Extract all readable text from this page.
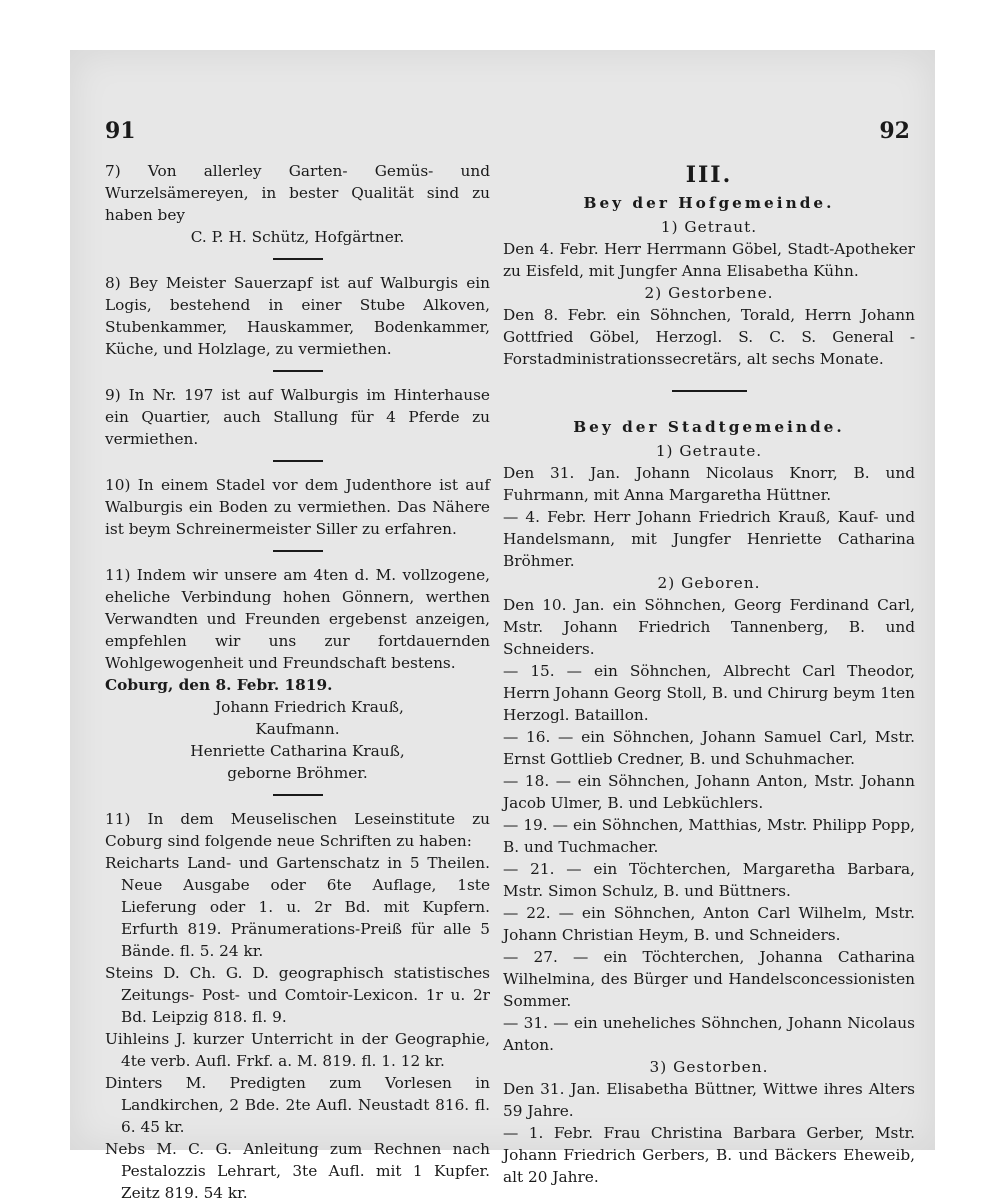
91	92

7) Von allerley Garten- Gemüs- und Wurzelsämereyen, in bester Qualität sind zu haben bey

C. P. H. Schütz, Hofgärtner.

8) Bey Meister Sauerzapf ist auf Walburgis ein Logis, bestehend in einer Stube Alkoven, Stubenkammer, Hauskammer, Bodenkammer, Küche, und Holzlage, zu vermiethen.

9) In Nr. 197 ist auf Walburgis im Hinterhause ein Quartier, auch Stallung für 4 Pferde zu vermiethen.

10) In einem Stadel vor dem Judenthore ist auf Walburgis ein Boden zu vermiethen. Das Nähere ist beym Schreinermeister Siller zu erfahren.

11) Indem wir unsere am 4ten d. M. vollzogene, eheliche Verbindung hohen Gönnern, werthen Verwandten und Freunden ergebenst anzeigen, empfehlen wir uns zur fortdauernden Wohlgewogenheit und Freundschaft bestens.

Coburg, den 8. Febr. 1819.

Johann Friedrich Krauß,

Kaufmann.

Henriette Catharina Krauß,

geborne Bröhmer.

11) In dem Meuselischen Leseinstitute zu Coburg sind folgende neue Schriften zu haben:

Reicharts Land- und Gartenschatz in 5 Theilen. Neue Ausgabe oder 6te Auflage, 1ste Lieferung oder 1. u. 2r Bd. mit Kupfern. Erfurth 819. Pränumerations-Preiß für alle 5 Bände. fl. 5. 24 kr.

Steins D. Ch. G. D. geographisch statistisches Zeitungs- Post- und Comtoir-Lexicon. 1r u. 2r Bd. Leipzig 818. fl. 9.

Uihleins J. kurzer Unterricht in der Geographie, 4te verb. Aufl. Frkf. a. M. 819. fl. 1. 12 kr.

Dinters M. Predigten zum Vorlesen in Landkirchen, 2 Bde. 2te Aufl. Neustadt 816. fl. 6. 45 kr.

Nebs M. C. G. Anleitung zum Rechnen nach Pestalozzis Lehrart, 3te Aufl. mit 1 Kupfer. Zeitz 819. 54 kr.

III.
Bey der Hofgemeinde.

1) Getraut.

Den 4. Febr. Herr Herrmann Göbel, Stadt-Apotheker zu Eisfeld, mit Jungfer Anna Elisabetha Kühn.

2) Gestorbene.

Den 8. Febr. ein Söhnchen, Torald, Herrn Johann Gottfried Göbel, Herzogl. S. C. S. General - Forstadministrationssecretärs, alt sechs Monate.

Bey der Stadtgemeinde.

1) Getraute.

Den 31. Jan. Johann Nicolaus Knorr, B. und Fuhrmann, mit Anna Margaretha Hüttner.

— 4. Febr. Herr Johann Friedrich Krauß, Kauf- und Handelsmann, mit Jungfer Henriette Catharina Bröhmer.

2) Geboren.

Den 10. Jan. ein Söhnchen, Georg Ferdinand Carl, Mstr. Johann Friedrich Tannenberg, B. und Schneiders.

— 15. — ein Söhnchen, Albrecht Carl Theodor, Herrn Johann Georg Stoll, B. und Chirurg beym 1ten Herzogl. Bataillon.

— 16. — ein Söhnchen, Johann Samuel Carl, Mstr. Ernst Gottlieb Credner, B. und Schuhmacher.

— 18. — ein Söhnchen, Johann Anton, Mstr. Johann Jacob Ulmer, B. und Lebküchlers.

— 19. — ein Söhnchen, Matthias, Mstr. Philipp Popp, B. und Tuchmacher.

— 21. — ein Töchterchen, Margaretha Barbara, Mstr. Simon Schulz, B. und Büttners.

— 22. — ein Söhnchen, Anton Carl Wilhelm, Mstr. Johann Christian Heym, B. und Schneiders.

— 27. — ein Töchterchen, Johanna Catharina Wilhelmina, des Bürger und Handelsconcessionisten Sommer.

— 31. — ein uneheliches Söhnchen, Johann Nicolaus Anton.

3) Gestorben.

Den 31. Jan. Elisabetha Büttner, Wittwe ihres Alters 59 Jahre.

— 1. Febr. Frau Christina Barbara Gerber, Mstr. Johann Friedrich Gerbers, B. und Bäckers Eheweib, alt 20 Jahre.
